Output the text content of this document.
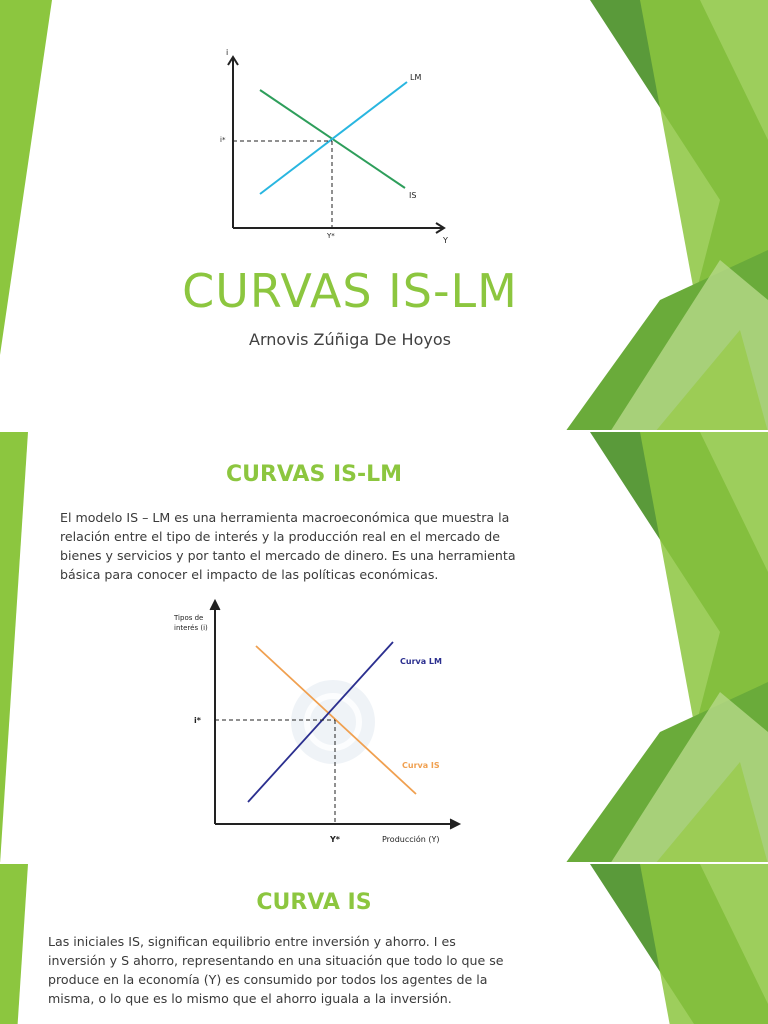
i
Y
LM
IS
i*
Y*
CURVAS IS-LM
Arnovis Zúñiga De Hoyos
CURVAS IS-LM
El modelo IS – LM es una herramienta macroeconómica que muestra la
relación entre el tipo de interés y la producción real en el mercado de
bienes y servicios y por tanto el mercado de dinero. Es una herramienta
básica para conocer el impacto de las políticas económicas.
Tipos de
interés (i)
Producción (Y)
Curva LM
Curva IS
i*
Y*
CURVA IS
Las iniciales IS, significan equilibrio entre inversión y ahorro. I es
inversión y S ahorro, representando en una situación que todo lo que se
produce en la economía (Y) es consumido por todos los agentes de la
misma, o lo que es lo mismo que el ahorro iguala a la inversión.
